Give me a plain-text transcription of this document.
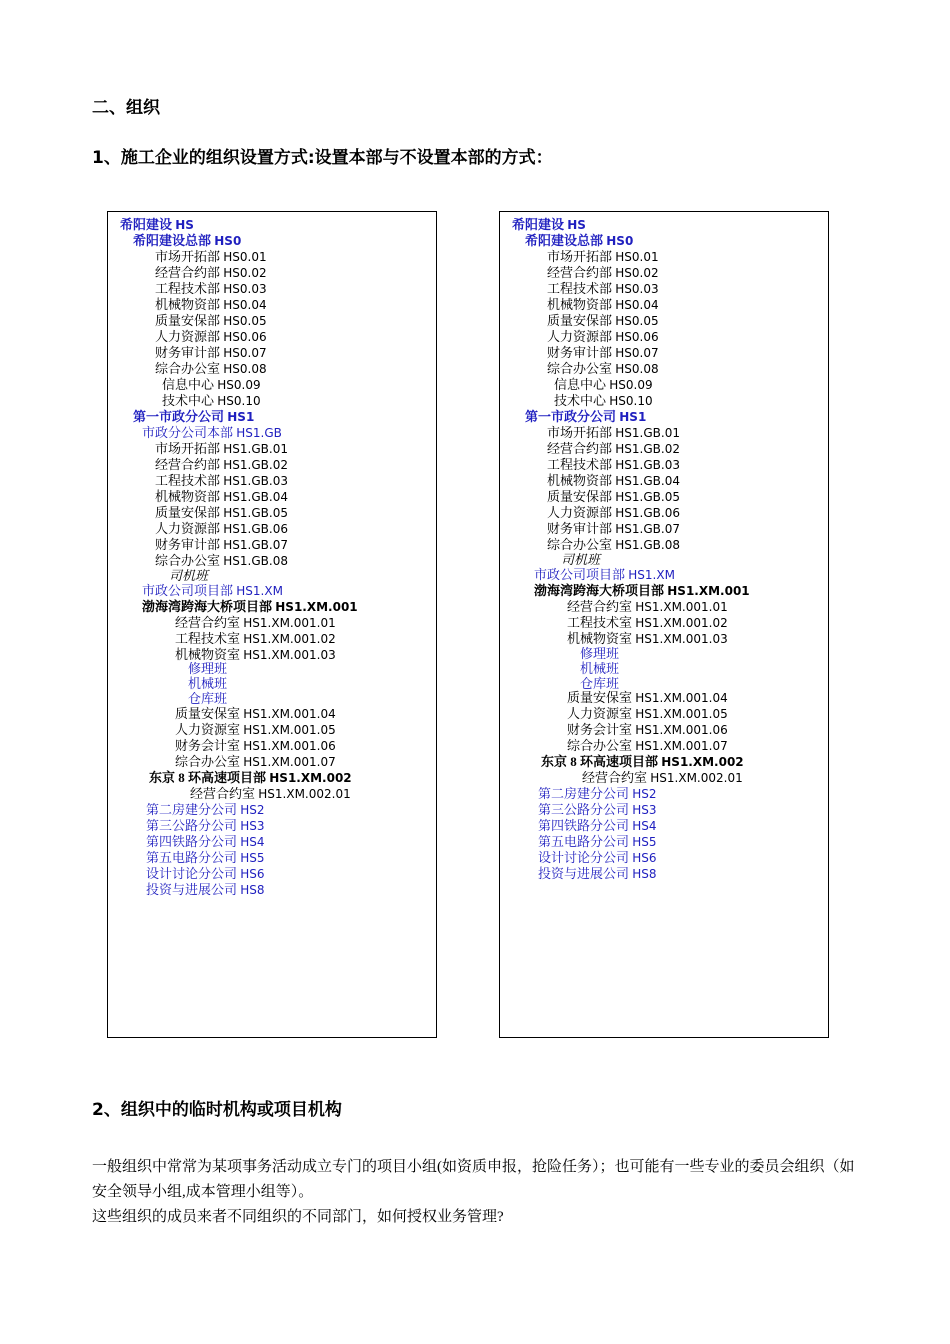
二、组织
1、施工企业的组织设置方式:设置本部与不设置本部的方式：
希阳建设 HS
希阳建设总部 HS0
市场开拓部 HS0.01
经营合约部 HS0.02
工程技术部 HS0.03
机械物资部 HS0.04
质量安保部 HS0.05
人力资源部 HS0.06
财务审计部 HS0.07
综合办公室 HS0.08
信息中心 HS0.09
技术中心 HS0.10
第一市政分公司 HS1
市政分公司本部 HS1.GB
市场开拓部 HS1.GB.01
经营合约部 HS1.GB.02
工程技术部 HS1.GB.03
机械物资部 HS1.GB.04
质量安保部 HS1.GB.05
人力资源部 HS1.GB.06
财务审计部 HS1.GB.07
综合办公室 HS1.GB.08
司机班
市政公司项目部 HS1.XM
渤海湾跨海大桥项目部 HS1.XM.001
经营合约室 HS1.XM.001.01
工程技术室 HS1.XM.001.02
机械物资室 HS1.XM.001.03
修理班
机械班
仓库班
质量安保室 HS1.XM.001.04
人力资源室 HS1.XM.001.05
财务会计室 HS1.XM.001.06
综合办公室 HS1.XM.001.07
东京 8 环高速项目部 HS1.XM.002
经营合约室 HS1.XM.002.01
第二房建分公司 HS2
第三公路分公司 HS3
第四铁路分公司 HS4
第五电路分公司 HS5
设计讨论分公司 HS6
投资与进展公司 HS8
希阳建设 HS
希阳建设总部 HS0
市场开拓部 HS0.01
经营合约部 HS0.02
工程技术部 HS0.03
机械物资部 HS0.04
质量安保部 HS0.05
人力资源部 HS0.06
财务审计部 HS0.07
综合办公室 HS0.08
信息中心 HS0.09
技术中心 HS0.10
第一市政分公司 HS1
市场开拓部 HS1.GB.01
经营合约部 HS1.GB.02
工程技术部 HS1.GB.03
机械物资部 HS1.GB.04
质量安保部 HS1.GB.05
人力资源部 HS1.GB.06
财务审计部 HS1.GB.07
综合办公室 HS1.GB.08
司机班
市政公司项目部 HS1.XM
渤海湾跨海大桥项目部 HS1.XM.001
经营合约室 HS1.XM.001.01
工程技术室 HS1.XM.001.02
机械物资室 HS1.XM.001.03
修理班
机械班
仓库班
质量安保室 HS1.XM.001.04
人力资源室 HS1.XM.001.05
财务会计室 HS1.XM.001.06
综合办公室 HS1.XM.001.07
东京 8 环高速项目部 HS1.XM.002
经营合约室 HS1.XM.002.01
第二房建分公司 HS2
第三公路分公司 HS3
第四铁路分公司 HS4
第五电路分公司 HS5
设计讨论分公司 HS6
投资与进展公司 HS8
2、组织中的临时机构或项目机构

一般组织中常常为某项事务活动成立专门的项目小组(如资质申报，抢险任务）；也可能有一些专业的委员会组织（如安全领导小组,成本管理小组等）。

这些组织的成员来者不同组织的不同部门，如何授权业务管理?
